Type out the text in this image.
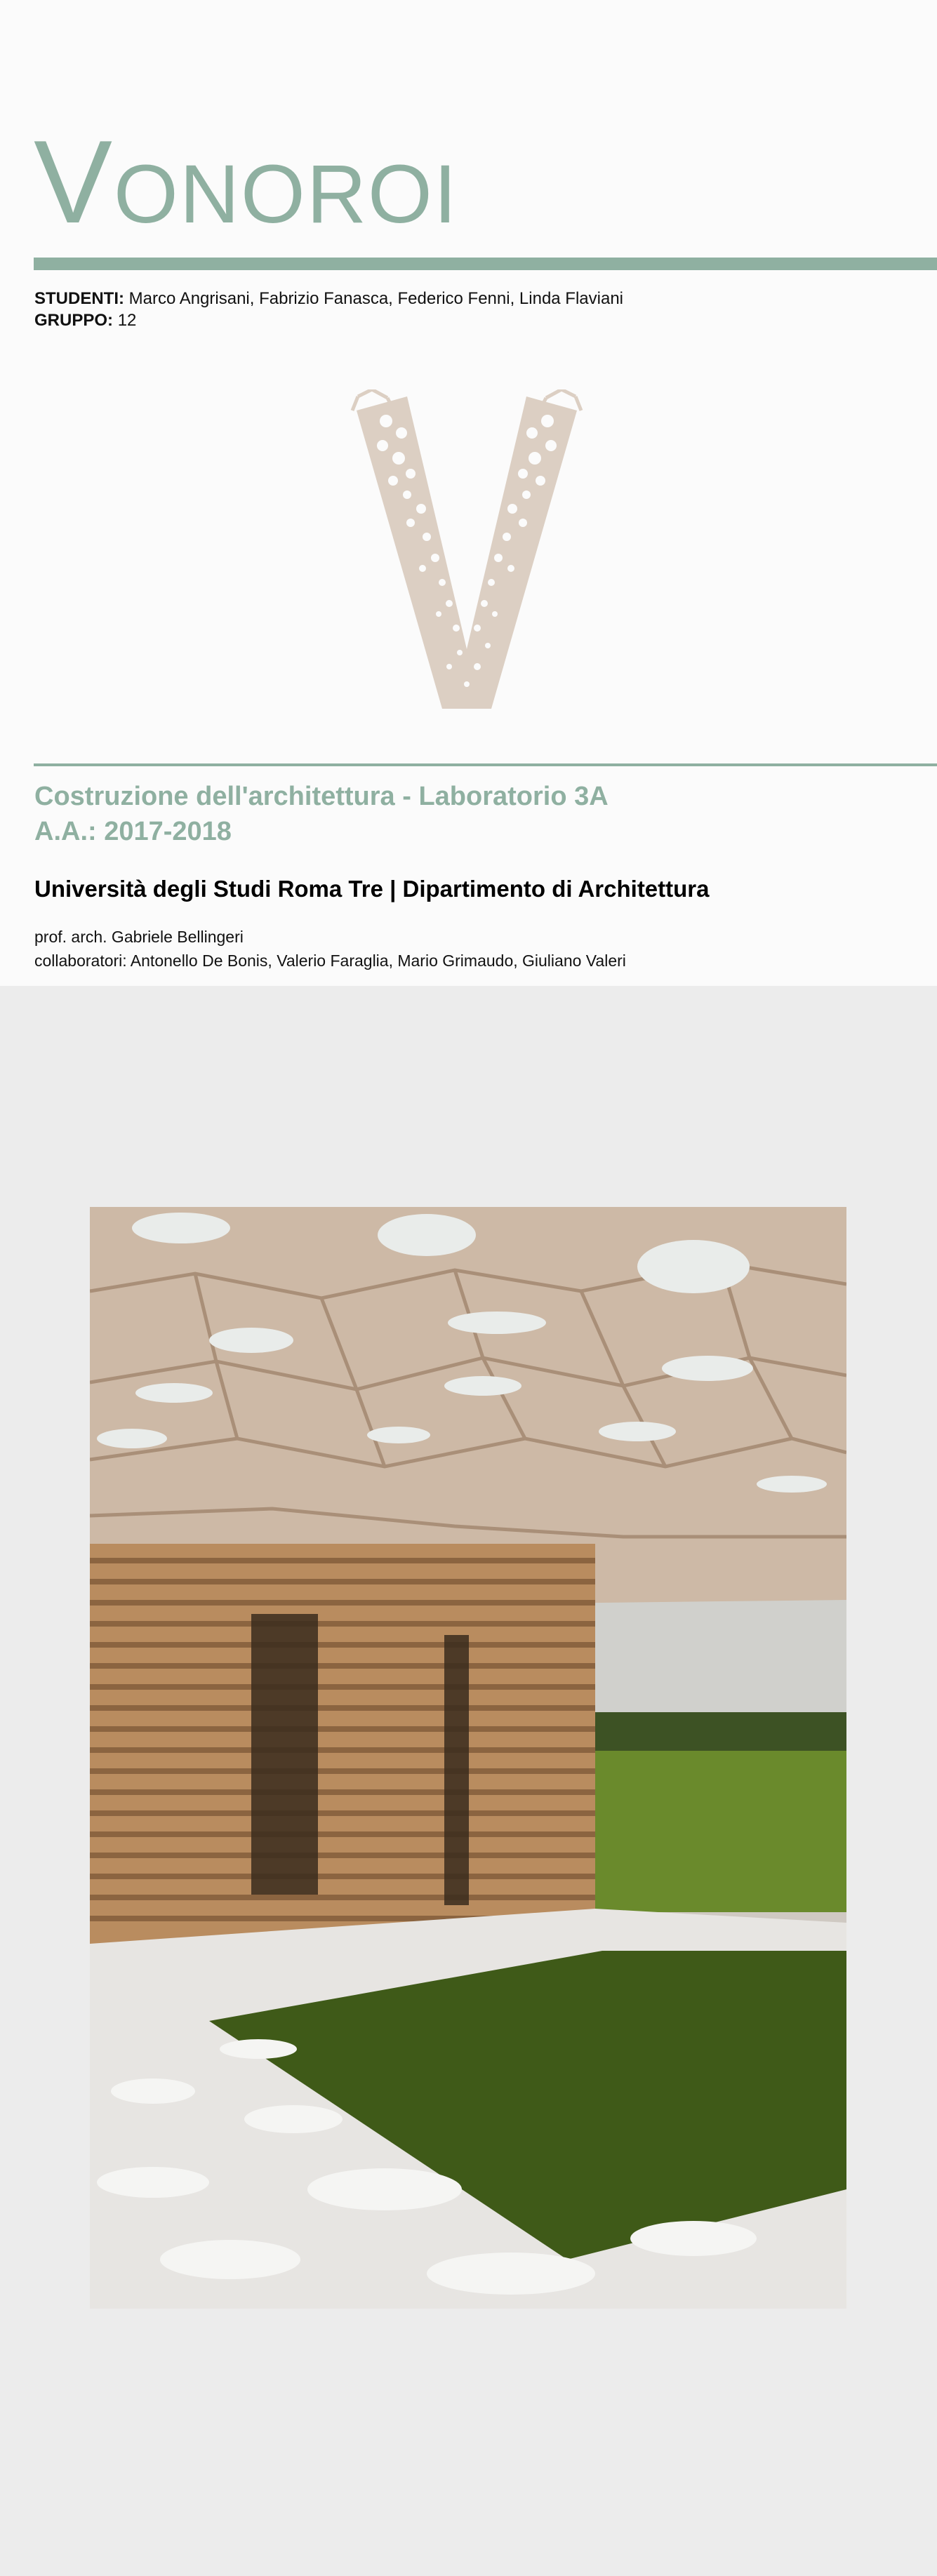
Vonoroi
STUDENTI: Marco Angrisani, Fabrizio Fanasca, Federico Fenni, Linda Flaviani
GRUPPO: 12
Costruzione dell'architettura - Laboratorio 3A
A.A.: 2017-2018
Università degli Studi Roma Tre | Dipartimento di Architettura
prof. arch. Gabriele Bellingeri
collaboratori: Antonello De Bonis, Valerio Faraglia, Mario Grimaudo, Giuliano Valeri
